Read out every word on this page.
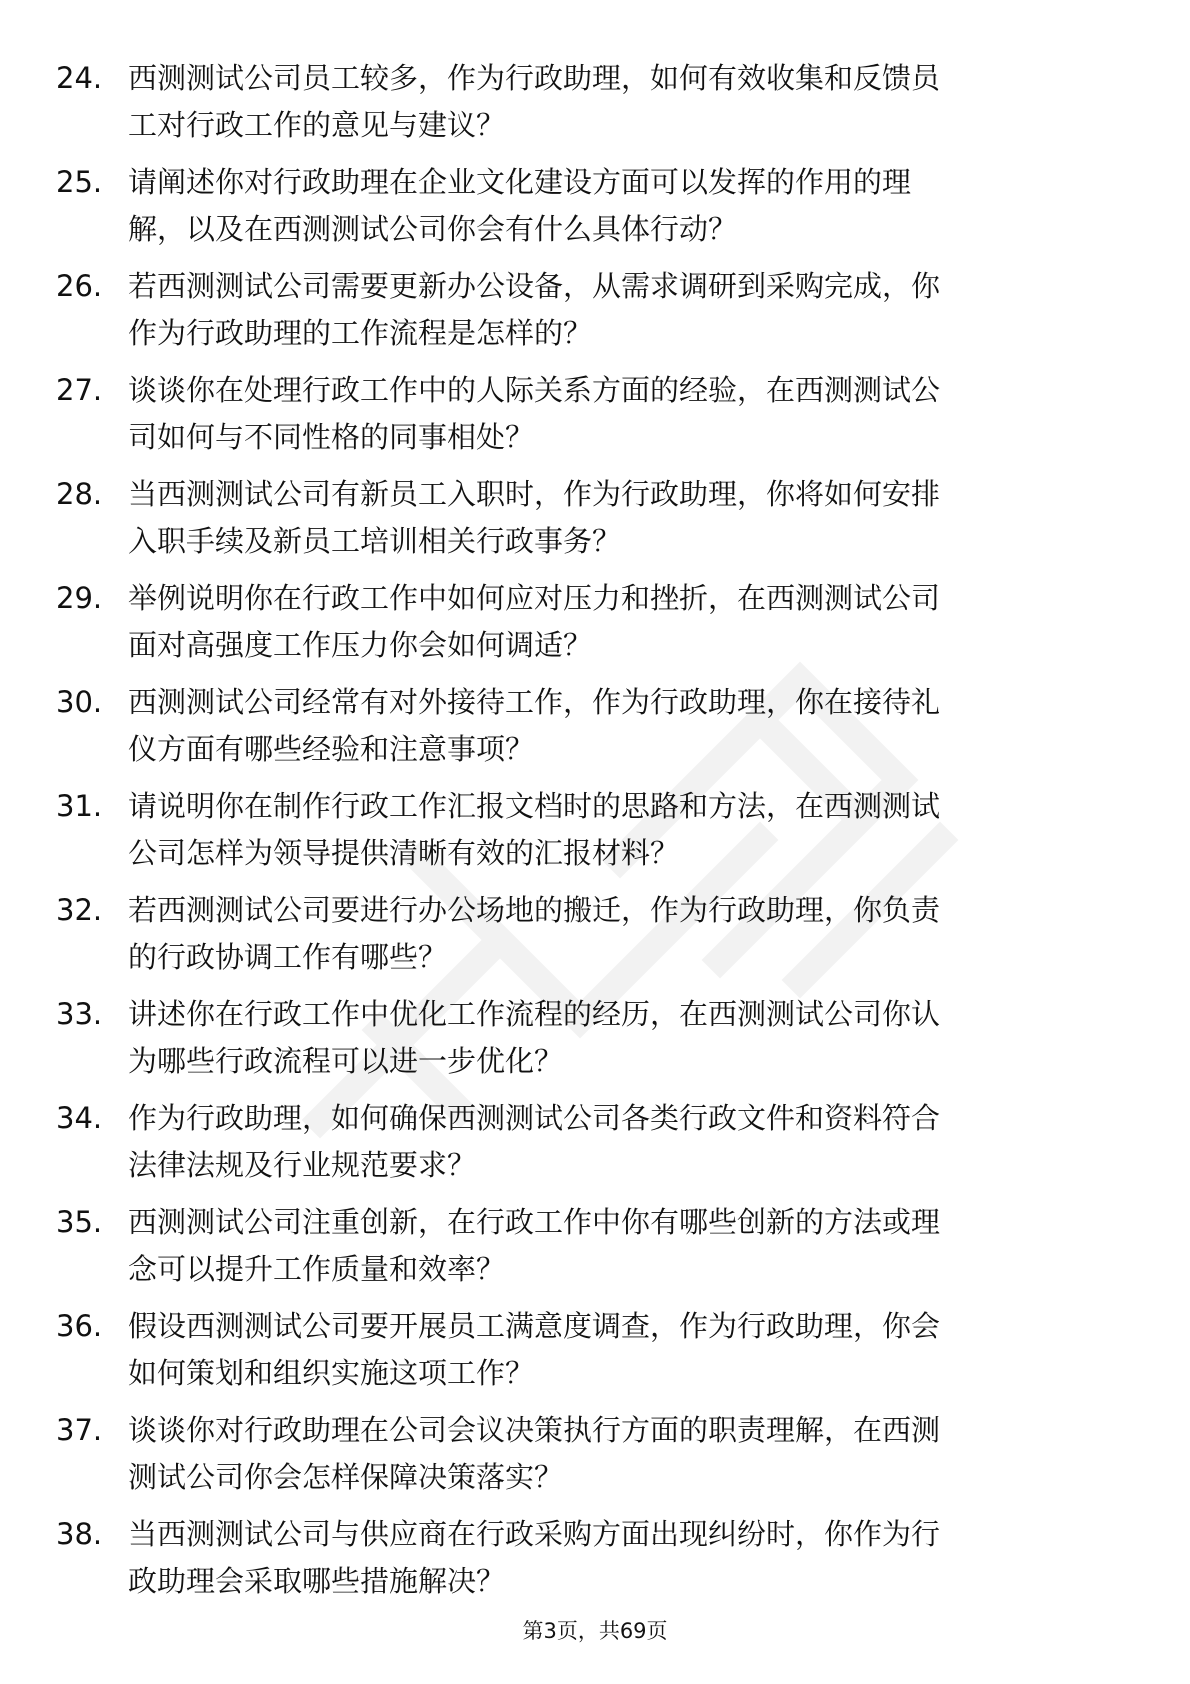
24. 西测测试公司员工较多，作为行政助理，如何有效收集和反馈员
工对行政工作的意见与建议？
25. 请阐述你对行政助理在企业文化建设方面可以发挥的作用的理
解，以及在西测测试公司你会有什么具体行动？
26. 若西测测试公司需要更新办公设备，从需求调研到采购完成，你
作为行政助理的工作流程是怎样的？
27. 谈谈你在处理行政工作中的人际关系方面的经验，在西测测试公
司如何与不同性格的同事相处？
28. 当西测测试公司有新员工入职时，作为行政助理，你将如何安排
入职手续及新员工培训相关行政事务？
29. 举例说明你在行政工作中如何应对压力和挫折，在西测测试公司
面对高强度工作压力你会如何调适？
30. 西测测试公司经常有对外接待工作，作为行政助理，你在接待礼
仪方面有哪些经验和注意事项？
31. 请说明你在制作行政工作汇报文档时的思路和方法，在西测测试
公司怎样为领导提供清晰有效的汇报材料？
32. 若西测测试公司要进行办公场地的搬迁，作为行政助理，你负责
的行政协调工作有哪些？
33. 讲述你在行政工作中优化工作流程的经历，在西测测试公司你认
为哪些行政流程可以进一步优化？
34. 作为行政助理，如何确保西测测试公司各类行政文件和资料符合
法律法规及行业规范要求？
35. 西测测试公司注重创新，在行政工作中你有哪些创新的方法或理
念可以提升工作质量和效率？
36. 假设西测测试公司要开展员工满意度调查，作为行政助理，你会
如何策划和组织实施这项工作？
37. 谈谈你对行政助理在公司会议决策执行方面的职责理解，在西测
测试公司你会怎样保障决策落实？
38. 当西测测试公司与供应商在行政采购方面出现纠纷时，你作为行
政助理会采取哪些措施解决？
第3页，共69页
